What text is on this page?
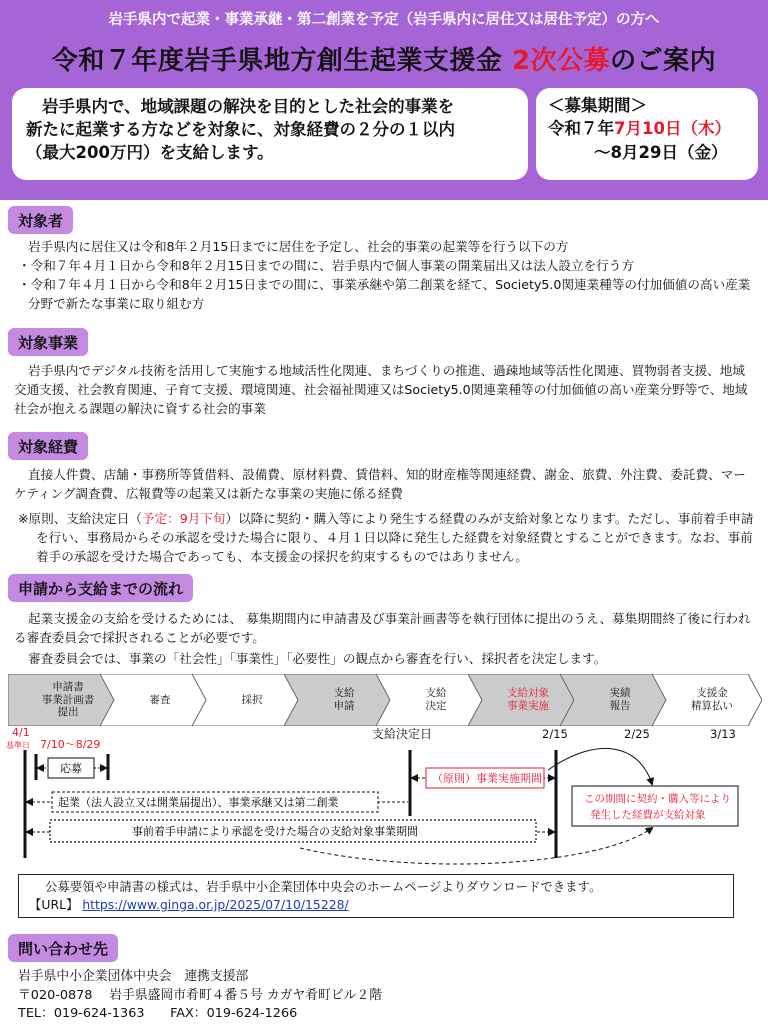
岩手県内で起業・事業承継・第二創業を予定（岩手県内に居住又は居住予定）の方へ
令和７年度岩手県地方創生起業支援金 2次公募のご案内
岩手県内で、地域課題の解決を目的とした社会的事業を
新たに起業する方などを対象に、対象経費の２分の１以内
（最大200万円）を支給します。
＜募集期間＞
令和７年7月10日（木）
～8月29日（金）
対象者
岩手県内に居住又は令和8年２月15日までに居住を予定し、社会的事業の起業等を行う以下の方
・令和７年４月１日から令和8年２月15日までの間に、岩手県内で個人事業の開業届出又は法人設立を行う方
・令和７年４月１日から令和8年２月15日までの間に、事業承継や第二創業を経て、Society5.0関連業種等の付加価値の高い産業分野で新たな事業に取り組む方
対象事業
岩手県内でデジタル技術を活用して実施する地域活性化関連、まちづくりの推進、過疎地域等活性化関連、買物弱者支援、地域交通支援、社会教育関連、子育て支援、環境関連、社会福祉関連又はSociety5.0関連業種等の付加価値の高い産業分野等で、地域社会が抱える課題の解決に資する社会的事業
対象経費
直接人件費、店舗・事務所等賃借料、設備費、原材料費、賃借料、知的財産権等関連経費、謝金、旅費、外注費、委託費、マーケティング調査費、広報費等の起業又は新たな事業の実施に係る経費
※原則、支給決定日（予定：9月下旬）以降に契約・購入等により発生する経費のみが支給対象となります。ただし、事前着手申請を行い、事務局からその承認を受けた場合に限り、４月１日以降に発生した経費を対象経費とすることができます。なお、事前着手の承認を受けた場合であっても、本支援金の採択を約束するものではありません。
申請から支給までの流れ
起業支援金の支給を受けるためには、 募集期間内に申請書及び事業計画書等を執行団体に提出のうえ、募集期間終了後に行われる審査委員会で採択されることが必要です。
審査委員会では、事業の「社会性」「事業性」「必要性」の観点から審査を行い、採択者を決定します。
申請書
事業計画書
提出
審査	採択
支給
申請
支給
決定
支給対象
事業実施
実績
報告
支援金
精算払い
4/1
基準日 7/10～8/29
支給決定日	2/15	2/25	3/13
応募
起業（法人設立又は開業届提出）、事業承継又は第二創業
（原則）事業実施期間
事前着手申請により承認を受けた場合の支給対象事業期間
この期間に契約・購入等により
発生した経費が支給対象
公募要領や申請書の様式は、岩手県中小企業団体中央会のホームページよりダウンロードできます。
【URL】 https://www.ginga.or.jp/2025/07/10/15228/
問い合わせ先
岩手県中小企業団体中央会　連携支援部
〒020-0878　 岩手県盛岡市肴町４番５号 カガヤ肴町ビル２階
TEL：019-624-1363　　FAX：019-624-1266
